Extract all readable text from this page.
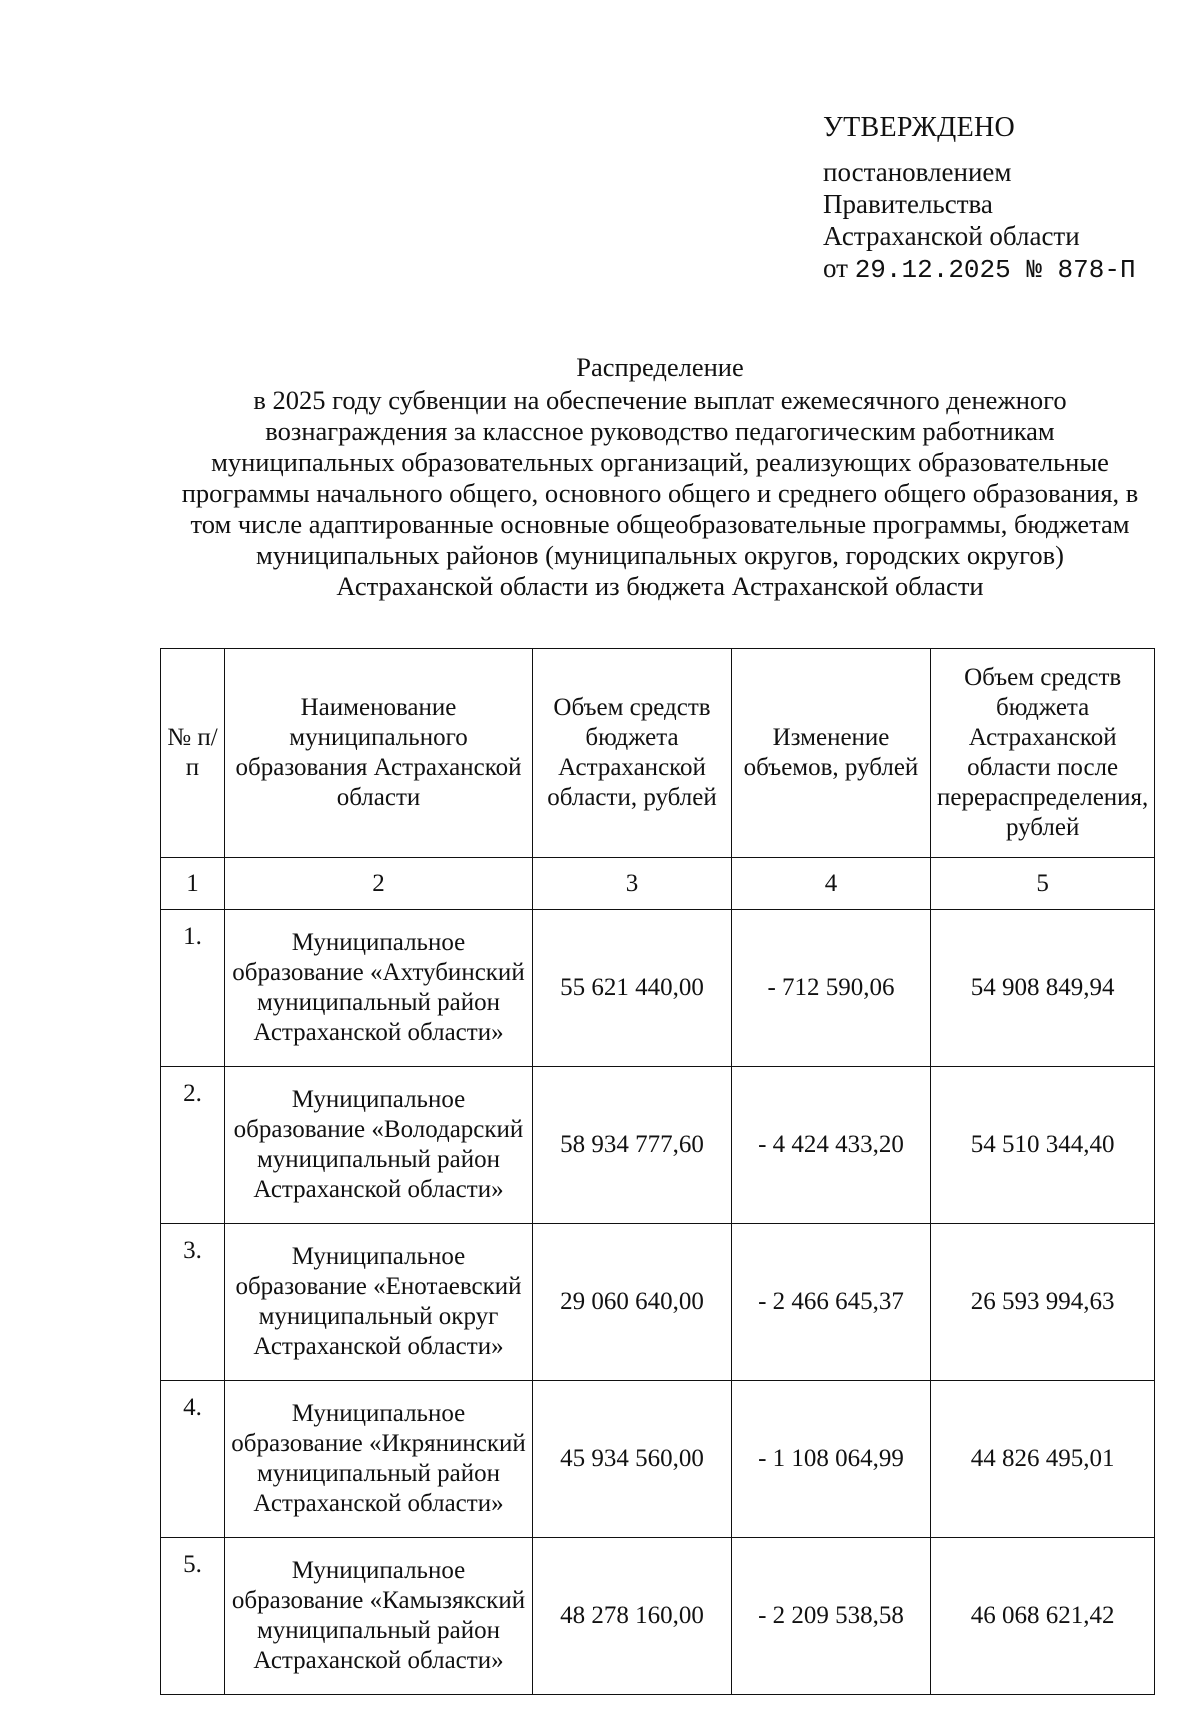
УТВЕРЖДЕНО
постановлением
Правительства
Астраханской области
от 29.12.2025 № 878-П
Распределение
в 2025 году субвенции на обеспечение выплат ежемесячного денежного вознаграждения за классное руководство педагогическим работникам муниципальных образовательных организаций, реализующих образовательные программы начального общего, основного общего и среднего общего образования, в том числе адаптированные основные общеобразовательные программы, бюджетам муниципальных районов (муниципальных округов, городских округов) Астраханской области из бюджета Астраханской области
№ п/п	Наименование муниципального образования Астраханской области	Объем средств бюджета Астраханской области, рублей	Изменение объемов, рублей	Объем средств бюджета Астраханской области после перераспределения, рублей
1	2	3	4	5
1.	Муниципальное образование «Ахтубинский муниципальный район Астраханской области»	55 621 440,00	- 712 590,06	54 908 849,94
2.	Муниципальное образование «Володарский муниципальный район Астраханской области»	58 934 777,60	- 4 424 433,20	54 510 344,40
3.	Муниципальное образование «Енотаевский муниципальный округ Астраханской области»	29 060 640,00	- 2 466 645,37	26 593 994,63
4.	Муниципальное образование «Икрянинский муниципальный район Астраханской области»	45 934 560,00	- 1 108 064,99	44 826 495,01
5.	Муниципальное образование «Камызякский муниципальный район Астраханской области»	48 278 160,00	- 2 209 538,58	46 068 621,42
